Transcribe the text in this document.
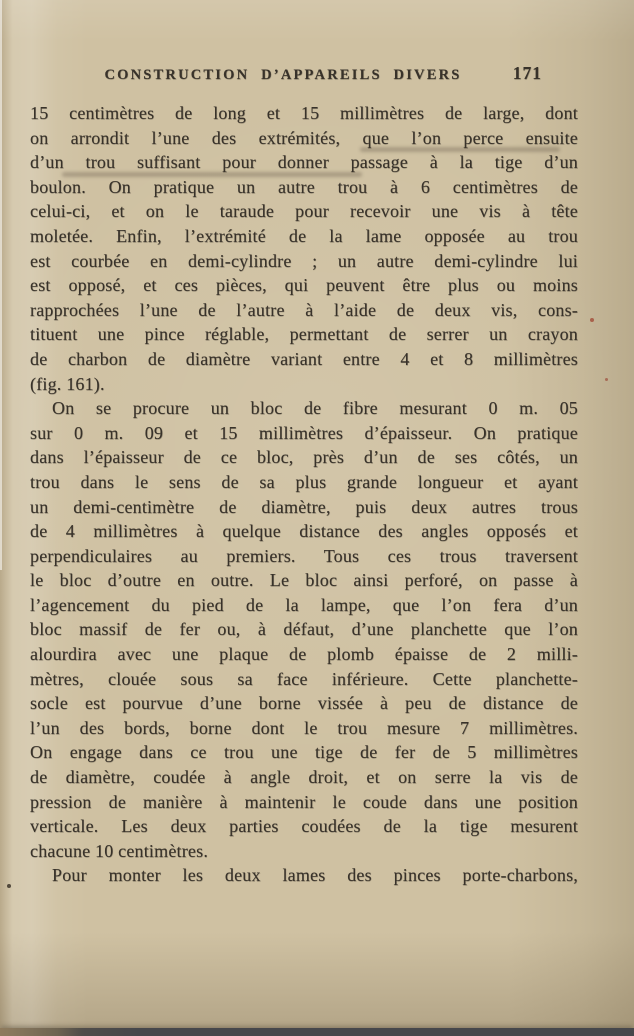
CONSTRUCTION D’APPAREILS DIVERS	171
15 centimètres de long et 15 millimètres de large, dont
on arrondit l’une des extrémités, que l’on perce ensuite
d’un trou suffisant pour donner passage à la tige d’un
boulon. On pratique un autre trou à 6 centimètres de
celui-ci, et on le taraude pour recevoir une vis à tête
moletée. Enfin, l’extrémité de la lame opposée au trou
est courbée en demi-cylindre ; un autre demi-cylindre lui
est opposé, et ces pièces, qui peuvent être plus ou moins
rapprochées l’une de l’autre à l’aide de deux vis, cons-
tituent une pince réglable, permettant de serrer un crayon
de charbon de diamètre variant entre 4 et 8 millimètres
(fig. 161).
On se procure un bloc de fibre mesurant 0 m. 05
sur 0 m. 09 et 15 millimètres d’épaisseur. On pratique
dans l’épaisseur de ce bloc, près d’un de ses côtés, un
trou dans le sens de sa plus grande longueur et ayant
un demi-centimètre de diamètre, puis deux autres trous
de 4 millimètres à quelque distance des angles opposés et
perpendiculaires au premiers. Tous ces trous traversent
le bloc d’outre en outre. Le bloc ainsi perforé, on passe à
l’agencement du pied de la lampe, que l’on fera d’un
bloc massif de fer ou, à défaut, d’une planchette que l’on
alourdira avec une plaque de plomb épaisse de 2 milli-
mètres, clouée sous sa face inférieure. Cette planchette-
socle est pourvue d’une borne vissée à peu de distance de
l’un des bords, borne dont le trou mesure 7 millimètres.
On engage dans ce trou une tige de fer de 5 millimètres
de diamètre, coudée à angle droit, et on serre la vis de
pression de manière à maintenir le coude dans une position
verticale. Les deux parties coudées de la tige mesurent
chacune 10 centimètres.
Pour monter les deux lames des pinces porte-charbons,
